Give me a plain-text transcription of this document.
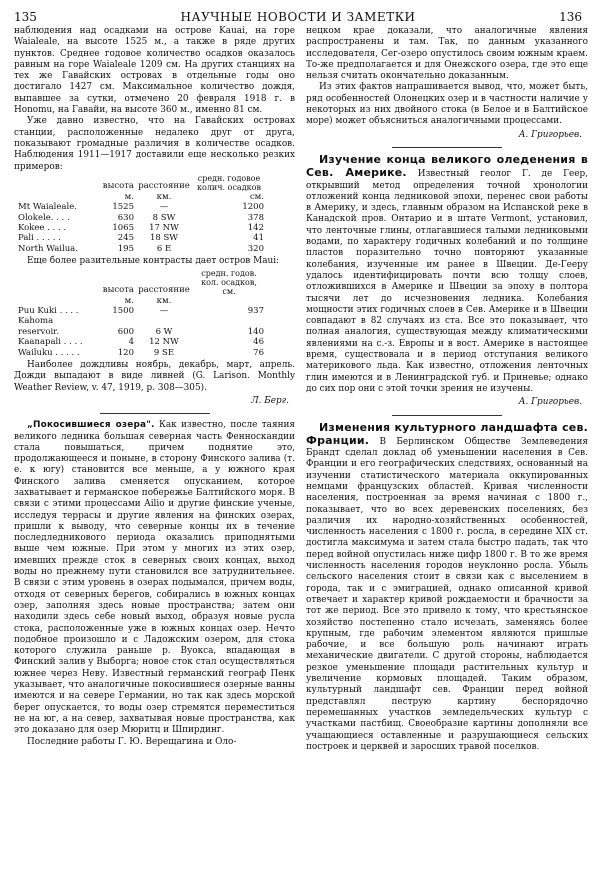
135	НАУЧНЫЕ НОВОСТИ И ЗАМЕТКИ	136

наблюдения над осадками на острове Kauai, на горе Waialeale, на высоте 1525 м., а также в ряде других пунктов. Среднее годовое количество осадков оказалось равным на горе Waialeale 1209 см. На других станциях на тех же Гавайских островах в отдельные годы оно достигало 1427 см. Максимальное количество дождя, выпавшее за сутки, отмечено 20 февраля 1918 г. в Honomu, на Гавайи, на высоте 360 м., именно 81 см.

Уже давно известно, что на Гавайских островах станции, расположенные недалеко друг от друга, показывают громадные различия в количестве осадков. Наблюдения 1911—1917 доставили еще несколько резких примеров:

	высота	расстояние	средн. годовое колич. осадков
	м.	км.	см.
Mt Waialeale.	1525	—	1200
Olokele. . . .	630	8 SW	378
Kokee . . . .	1065	17 NW	142
Pali . . . . .	245	18 SW	41
North Wailua.	195	6 E	320

Еще более разительные контрасты дает остров Maui:

	высота	расстояние	средн. годов. кол. осадков, см.
	м.	км.	
Puu Kuki . . . .	1500	—	937
Kahoma reservoir.	600	6 W	140
Kaanapali . . . .	4	12 NW	46
Wailuku . . . . .	120	9 SE	76

Наиболее дождливы ноябрь, декабрь, март, апрель. Дожди выпадают в виде ливней (G. Larison. Monthly Weather Review, v. 47, 1919, p. 308—305).

Л. Берг.

„Покосившиеся озера". Как известно, после таяния великого ледника большая северная часть Фенноскандии стала повышаться, причем поднятие это, продолжающееся и поныне, в сторону Финского залива (т. е. к югу) становится все меньше, а у южного края Финского залива сменяется опусканием, которое захватывает и германское побережье Балтийского моря. В связи с этими процессами Ailio и другие финские ученые, исследуя террасы и другие явления на финских озерах, пришли к выводу, что северные концы их в течение последледникового периода оказались приподнятыми выше чем южные. При этом у многих из этих озер, имевших прежде сток в северных своих концах, выход воды но прежнему пути становился все затруднительнее. В связи с этим уровень в озерах подымался, причем воды, отходя от северных берегов, собирались в южных концах озер, заполняя здесь новые пространства; затем они находили здесь себе новый выход, образуя новые русла стока, расположенные уже в южных концах озер. Нечто подобное произошло и с Ладожским озером, для стока которого служила раньше р. Вуокса, впадающая в Финский залив у Выборга; новое сток стал осуществляться южнее через Неву. Известный германский географ Пенк указывает, что аналогичные покосившиеся озерные ванны имеются и на севере Германии, но так как здесь морской берег опускается, то воды озер стремятся переместиться не на юг, а на север, захватывая новые пространства, как это доказано для озер Мюритц и Шпирдинг.

Последние работы Г. Ю. Верещагина и Оло-

нецком крае доказали, что аналогичные явления распространены и там. Так, по данным указанного исследователя, Сег-озеро опустилось своим южным краем. То-же предполагается и для Онежского озера, где это еще нельзя считать окончательно доказанным.

Из этих фактов напрашивается вывод, что, может быть, ряд особенностей Олонецких озер и в частности наличие у некоторых из них двойного стока (в Белое и в Балтийское море) может объясниться аналогичными процессами.

А. Григорьев.

Изучение конца великого оледенения в Сев. Америке. Известный геолог Г. де Геер, открывший метод определения точной хронологии отложений конца ледниковой эпохи, перенес свои работы в Америку, и здесь, главным образом на Испанской реке в Канадской пров. Онтарио и в штате Vermont, установил, что ленточные глины, отлагавшиеся талыми ледниковыми водами, по характеру годичных колебаний и по толщине пластов поразительно точно повторяют указанные колебания, изученные им ранее в Швеции. Де-Гееру удалось идентифицировать почти всю толщу слоев, отложившихся в Америке и Швеции за эпоху в полтора тысячи лет до исчезновения ледника. Колебания мощности этих годичных слоев в Сев. Америке и в Швеции совпадают в 82 случаях из ста. Все это показывает, что полная аналогия, существующая между климатическими явлениями на с.-з. Европы и в вост. Америке в настоящее время, существовала и в период отступания великого материкового льда. Как известно, отложения ленточных глин имеются и в Ленинградской губ. и Приневье; однако до сих пор они с этой точки зрения не изучены.

А. Григорьев.

Изменения культурного ландшафта сев. Франции. В Берлинском Обществе Землеведения Брандт сделал доклад об уменьшении населения в Сев. Франции и его географических следствиях, основанный на изучении статистического материала оккупированных немцами французских областей. Кривая численности населения, построенная за время начиная с 1800 г., показывает, что во всех деревенских поселениях, без различия их народно-хозяйственных особенностей, численность населения с 1800 г. росла, в середине XIX ст. достигла максимума и затем стала быстро падать, так что перед войной опустилась ниже цифр 1800 г. В то же время численность населения городов неуклонно росла. Убыль сельского населения стоит в связи как с выселением в города, так и с эмиграцией, однако описанной кривой отвечает и характер кривой рождаемости и брачности за тот же период. Все это привело к тому, что крестьянское хозяйство постепенно стало исчезать, заменяясь более крупным, где рабочим элементом являются пришлые рабочие, и все большую роль начинают играть механические двигатели. С другой стороны, наблюдается резкое уменьшение площади растительных культур и увеличение кормовых площадей. Таким образом, культурный ландшафт сев. Франции перед войной представлял пеструю картину беспорядочно перемешанных участков земледельческих культур с участками пастбищ. Своеобразие картины дополняли все учащающиеся оставленные и разрушающиеся сельских построек и церквей и заросших травой поселков.
